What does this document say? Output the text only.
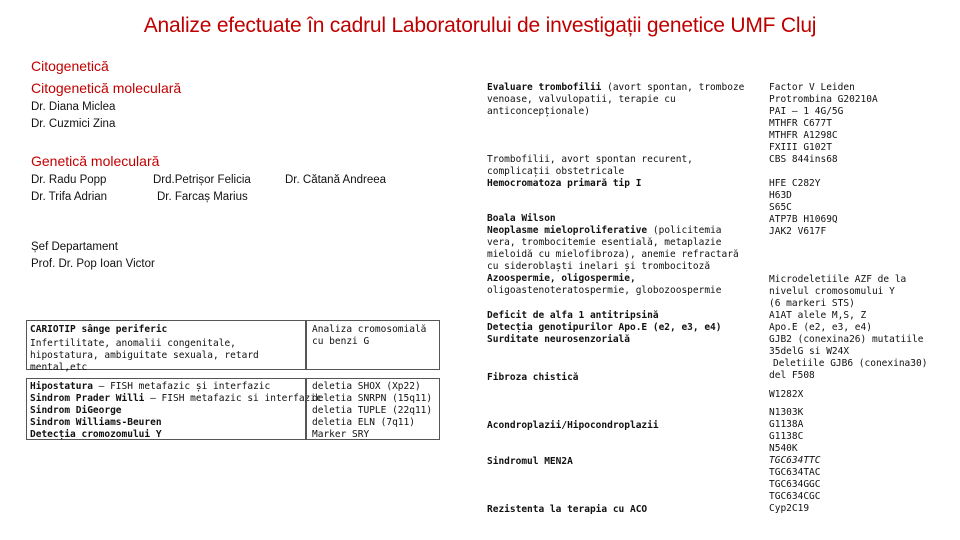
Analize efectuate în cadrul Laboratorului de investigații genetice UMF Cluj
Citogenetică
Citogenetică moleculară
Dr. Diana Miclea
Dr. Cuzmici Zina
Genetică moleculară
Dr. Radu Popp
Dr. Trifa Adrian
Drd.Petrișor Felicia
Dr. Farcaș Marius
Dr. Cătană Andreea
Șef Departament
Prof. Dr. Pop Ioan Victor
CARIOTIP sânge periferic
Infertilitate, anomalii congenitale, hipostatura, ambiguitate sexuala, retard mental,etc
Analiza cromosomială cu benzi G
Hipostatura – FISH metafazic și interfazic
Sindrom Prader Willi – FISH metafazic si interfazic
Sindrom DiGeorge
Sindrom Williams-Beuren
Detecția cromozomului Y
deletia SHOX (Xp22)
deletia SNRPN (15q11)
deletia TUPLE (22q11)
deletia ELN (7q11)
Marker SRY
Evaluare trombofilii (avort spontan, tromboze venoase, valvulopatii, terapie cu anticoncepționale)
Trombofilii, avort spontan recurent, complicații obstetricale
Hemocromatoza primară tip I
Boala Wilson
Neoplasme mieloproliferative (policitemia vera, trombocitemie esentială, metaplazie mieloidă cu mielofibroza), anemie refractară cu sideroblaști inelari și trombocitoză
Azoospermie, oligospermie,
oligoastenoteratospermie, globozoospermie
Deficit de alfa 1 antitripsină
Detecția genotipurilor Apo.E (e2, e3, e4)
Surditate neurosenzorială
Fibroza chistică
Acondroplazii/Hipocondroplazii
Sindromul MEN2A
Rezistenta la terapia cu ACO
Factor V Leiden
Protrombina G20210A
PAI – 1 4G/5G
MTHFR C677T
MTHFR A1298C
FXIII G102T
CBS 844ins68
HFE C282Y
H63D
S65C
ATP7B H1069Q
JAK2 V617F
Microdeletiile AZF de la nivelul cromosomului Y
(6 markeri STS)
A1AT alele M,S, Z
Apo.E (e2, e3, e4)
GJB2 (conexina26) mutatiile 35delG si W24X
Deletiile GJB6 (conexina30)
del F508
W1282X
N1303K
G1138A
G1138C
N540K
TGC634TTC
TGC634TAC
TGC634GGC
TGC634CGC
Cyp2C19
